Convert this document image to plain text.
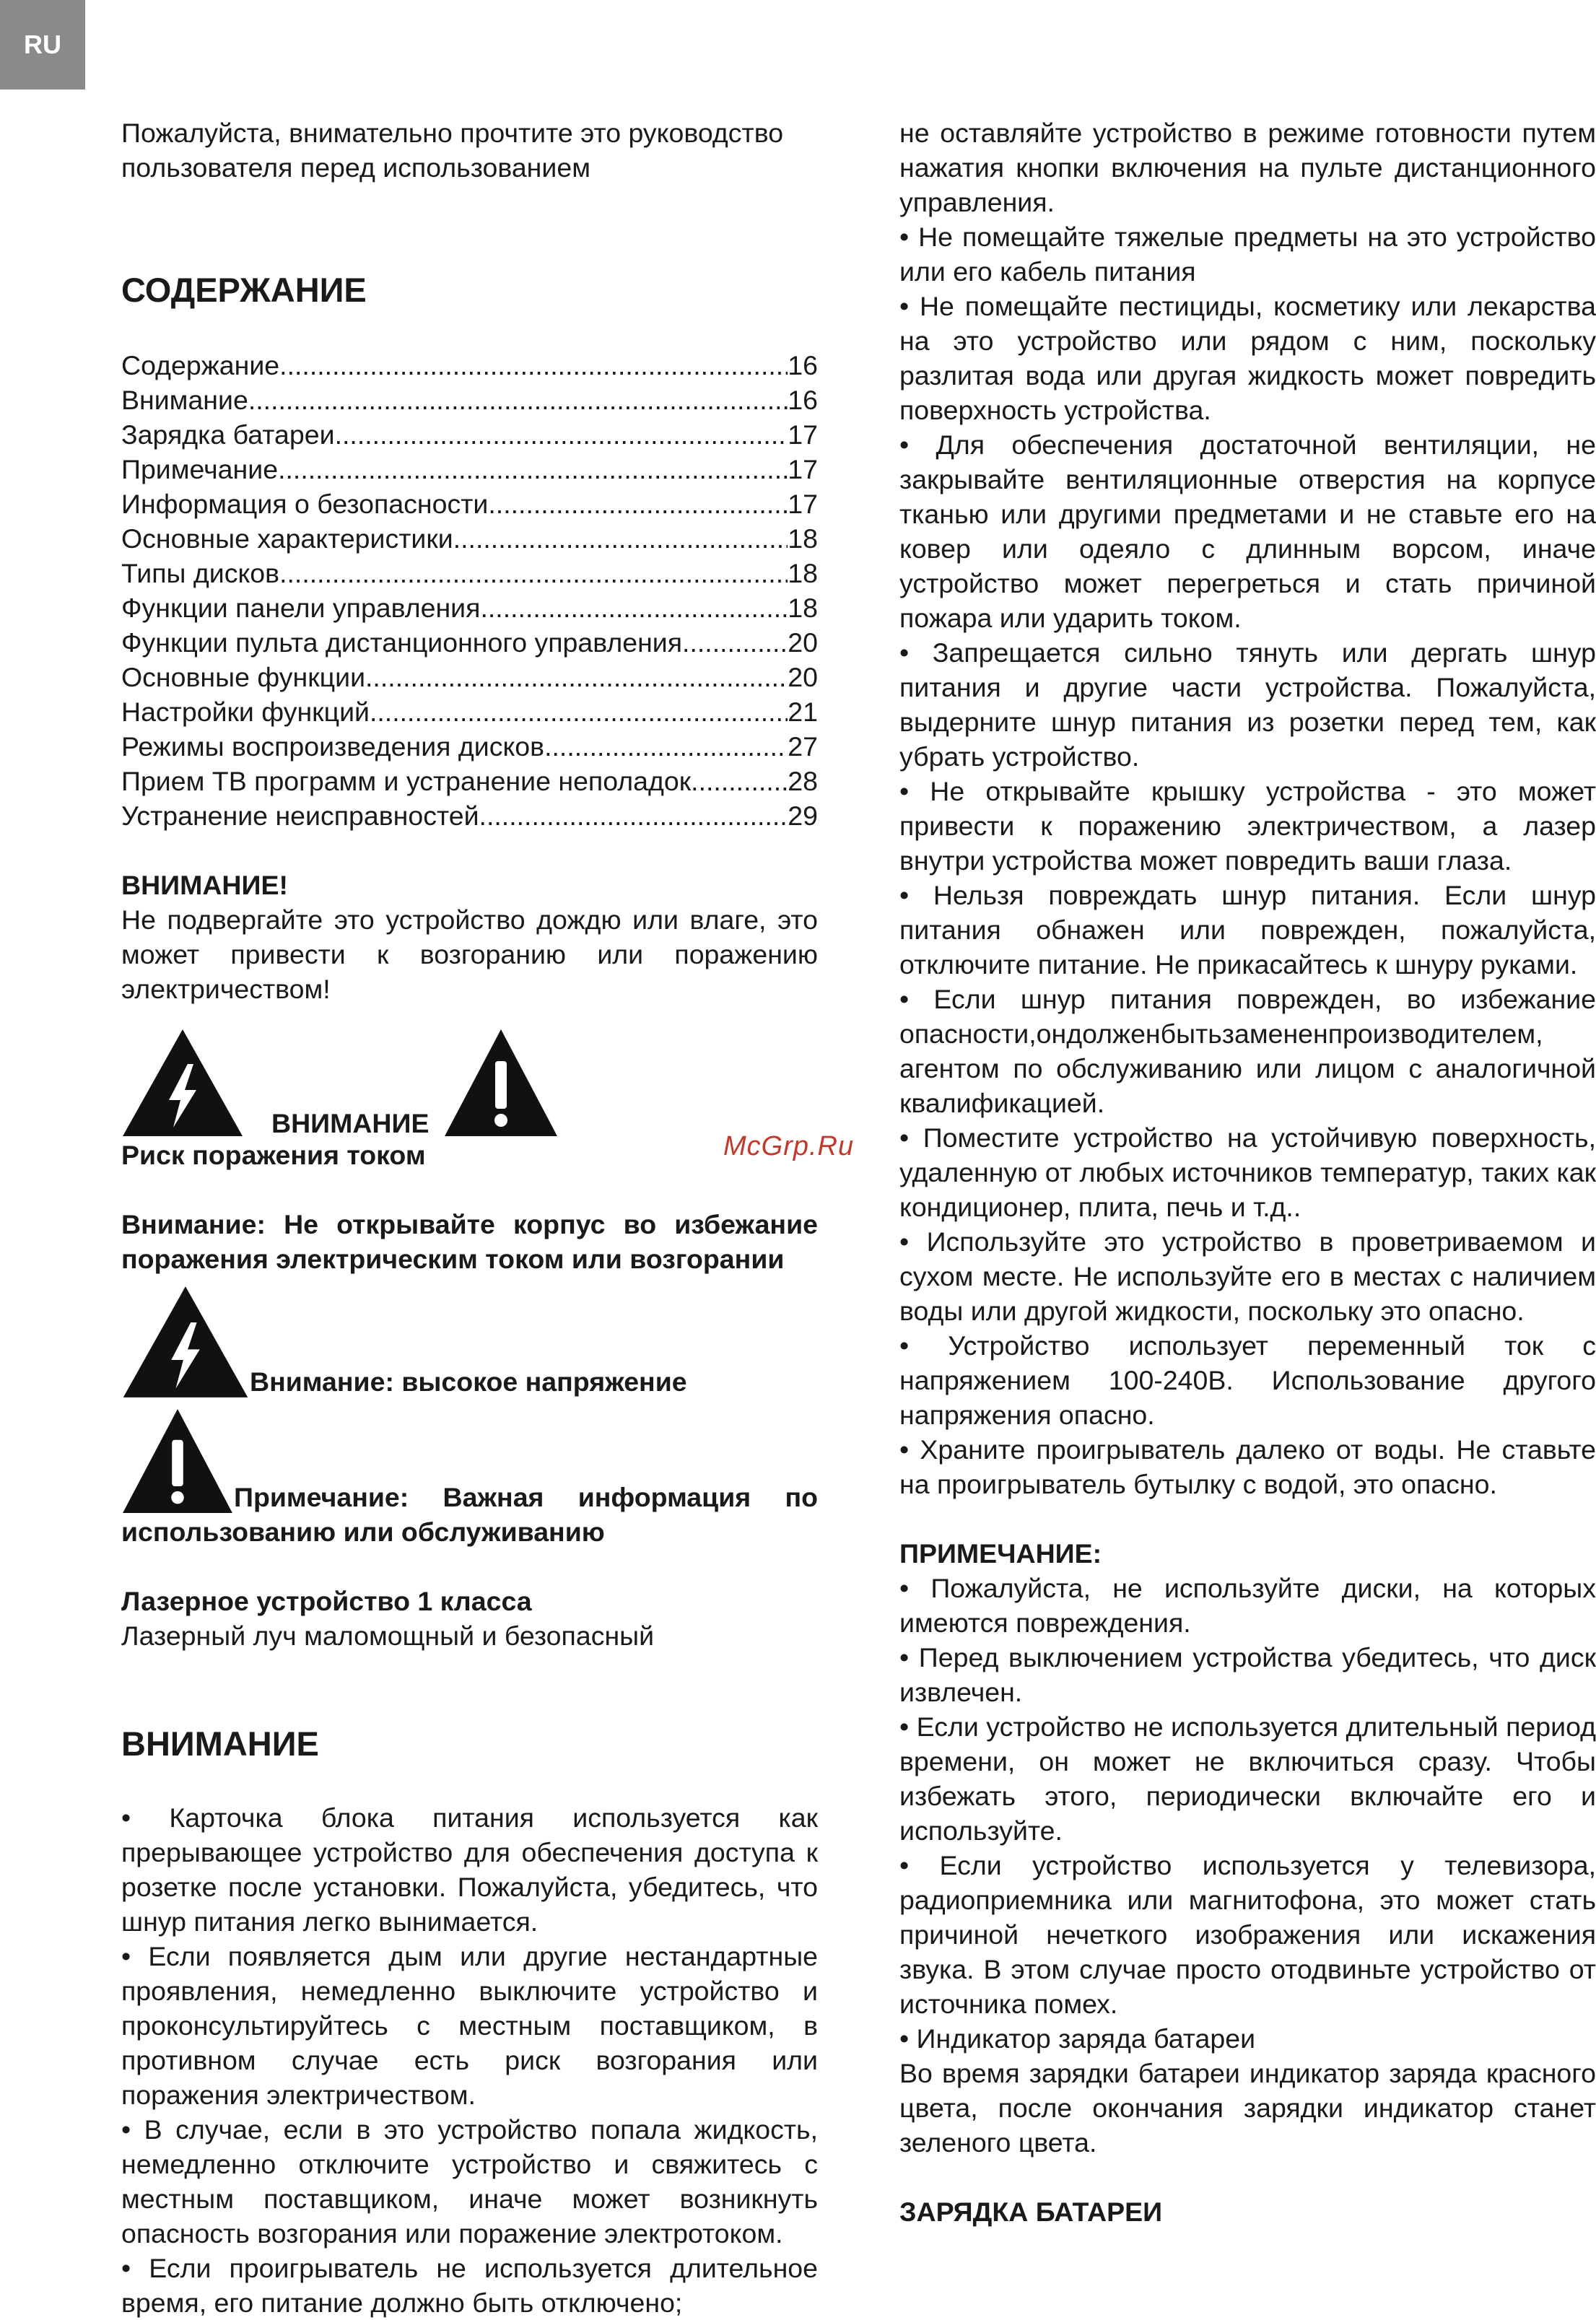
RU

Пожалуйста, внимательно прочтите это руководство пользователя перед использованием

СОДЕРЖАНИЕ
Содержание .....	16
Внимание .....	16
Зарядка батареи .....	17
Примечание .....	17
Информация о безопасности .....	17
Основные характеристики .....	18
Типы дисков .....	18
Функции панели управления .....	18
Функции пульта дистанционного управления .....	20
Основные функции .....	20
Настройки функций .....	21
Режимы воспроизведения дисков .....	27
Прием ТВ программ и устранение неполадок .....	28
Устранение неисправностей .....	29

ВНИМАНИЕ!

Не подвергайте это устройство дождю или влаге, это может привести к возгоранию или поражению электричеством!

ВНИМАНИЕ

Риск поражения током

Внимание: Не открывайте корпус во избежание поражения электрическим током или возгорании

Внимание: высокое напряжение
Примечание: Важная информация по

использованию или обслуживанию

Лазерное устройство 1 класса

Лазерный луч маломощный и безопасный

ВНИМАНИЕ

• Карточка блока питания используется как прерывающее устройство для обеспечения доступа к розетке после установки. Пожалуйста, убедитесь, что шнур питания легко вынимается.

• Если появляется дым или другие нестандартные проявления, немедленно выключите устройство и проконсультируйтесь с местным поставщиком, в противном случае есть риск возгорания или поражения электричеством.

• В случае, если в это устройство попала жидкость, немедленно отключите устройство и свяжитесь с местным поставщиком, иначе может возникнуть опасность возгорания или поражение электротоком.

• Если проигрыватель не используется длительное время, его питание должно быть отключено;

не оставляйте устройство в режиме готовности путем нажатия кнопки включения на пульте дистанционного управления.

• Не помещайте тяжелые предметы на это устройство или его кабель питания

• Не помещайте пестициды, косметику или лекарства на это устройство или рядом с ним, поскольку разлитая вода или другая жидкость может повредить поверхность устройства.

• Для обеспечения достаточной вентиляции, не закрывайте вентиляционные отверстия на корпусе тканью или другими предметами и не ставьте его на ковер или одеяло с длинным ворсом, иначе устройство может перегреться и стать причиной пожара или ударить током.

• Запрещается сильно тянуть или дергать шнур питания и другие части устройства. Пожалуйста, выдерните шнур питания из розетки перед тем, как убрать устройство.

• Не открывайте крышку устройства - это может привести к поражению электричеством, а лазер внутри устройства может повредить ваши глаза.

• Нельзя повреждать шнур питания. Если шнур питания обнажен или поврежден, пожалуйста, отключите питание. Не прикасайтесь к шнуру руками.

• Если шнур питания поврежден, во избежание опасности,ондолженбытьзамененпроизводителем, агентом по обслуживанию или лицом с аналогичной квалификацией.

• Поместите устройство на устойчивую поверхность, удаленную от любых источников температур, таких как кондиционер, плита, печь и т.д..

• Используйте это устройство в проветриваемом и сухом месте. Не используйте его в местах с наличием воды или другой жидкости, поскольку это опасно.

• Устройство использует переменный ток с напряжением 100-240В. Использование другого напряжения опасно.

• Храните проигрыватель далеко от воды. Не ставьте на проигрыватель бутылку с водой, это опасно.

ПРИМЕЧАНИЕ:

• Пожалуйста, не используйте диски, на которых имеются повреждения.

• Перед выключением устройства убедитесь, что диск извлечен.

• Если устройство не используется длительный период времени, он может не включиться сразу. Чтобы избежать этого, периодически включайте его и используйте.

• Если устройство используется у телевизора, радиоприемника или магнитофона, это может стать причиной нечеткого изображения или искажения звука. В этом случае просто отодвиньте устройство от источника помех.

• Индикатор заряда батареи

Во время зарядки батареи индикатор заряда красного цвета, после окончания зарядки индикатор станет зеленого цвета.

ЗАРЯДКА БАТАРЕИ

McGrp.Ru
